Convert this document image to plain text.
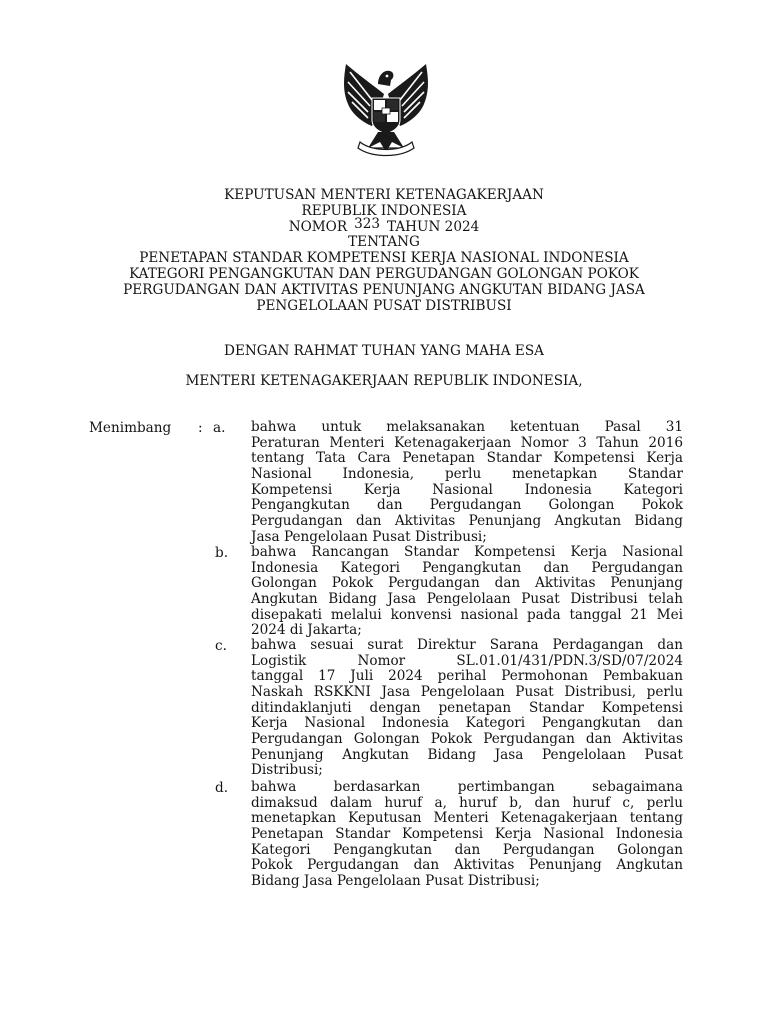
KEPUTUSAN MENTERI KETENAGAKERJAAN
REPUBLIK INDONESIA
NOMOR 323 TAHUN 2024
TENTANG
PENETAPAN STANDAR KOMPETENSI KERJA NASIONAL INDONESIA
KATEGORI PENGANGKUTAN DAN PERGUDANGAN GOLONGAN POKOK
PERGUDANGAN DAN AKTIVITAS PENUNJANG ANGKUTAN BIDANG JASA
PENGELOLAAN PUSAT DISTRIBUSI
DENGAN RAHMAT TUHAN YANG MAHA ESA
MENTERI KETENAGAKERJAAN REPUBLIK INDONESIA,
Menimbang : a. bahwa untuk melaksanakan ketentuan Pasal 31
Peraturan Menteri Ketenagakerjaan Nomor 3 Tahun 2016
tentang Tata Cara Penetapan Standar Kompetensi Kerja
Nasional Indonesia, perlu menetapkan Standar
Kompetensi Kerja Nasional Indonesia Kategori
Pengangkutan dan Pergudangan Golongan Pokok
Pergudangan dan Aktivitas Penunjang Angkutan Bidang
Jasa Pengelolaan Pusat Distribusi;
b. bahwa Rancangan Standar Kompetensi Kerja Nasional
Indonesia Kategori Pengangkutan dan Pergudangan
Golongan Pokok Pergudangan dan Aktivitas Penunjang
Angkutan Bidang Jasa Pengelolaan Pusat Distribusi telah
disepakati melalui konvensi nasional pada tanggal 21 Mei
2024 di Jakarta;
c. bahwa sesuai surat Direktur Sarana Perdagangan dan
Logistik Nomor SL.01.01/431/PDN.3/SD/07/2024
tanggal 17 Juli 2024 perihal Permohonan Pembakuan
Naskah RSKKNI Jasa Pengelolaan Pusat Distribusi, perlu
ditindaklanjuti dengan penetapan Standar Kompetensi
Kerja Nasional Indonesia Kategori Pengangkutan dan
Pergudangan Golongan Pokok Pergudangan dan Aktivitas
Penunjang Angkutan Bidang Jasa Pengelolaan Pusat
Distribusi;
d. bahwa berdasarkan pertimbangan sebagaimana
dimaksud dalam huruf a, huruf b, dan huruf c, perlu
menetapkan Keputusan Menteri Ketenagakerjaan tentang
Penetapan Standar Kompetensi Kerja Nasional Indonesia
Kategori Pengangkutan dan Pergudangan Golongan
Pokok Pergudangan dan Aktivitas Penunjang Angkutan
Bidang Jasa Pengelolaan Pusat Distribusi;
